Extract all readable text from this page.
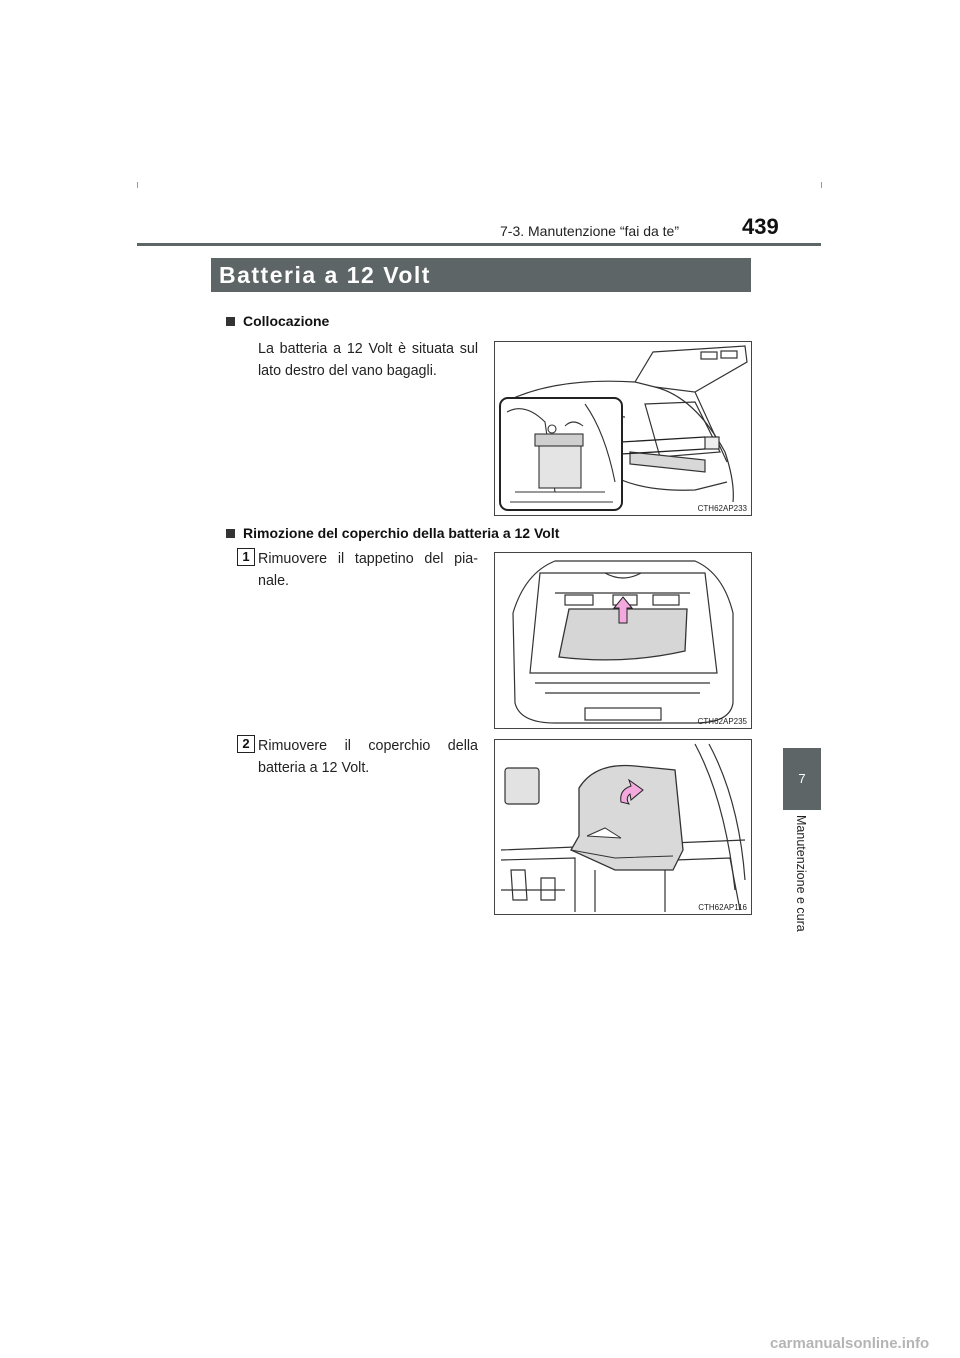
7-3. Manutenzione “fai da te”	439
7
Manutenzione e cura
Batteria a 12 Volt
Collocazione
La batteria a 12 Volt è situata sul lato destro del vano bagagli.
CTH62AP233
Rimozione del coperchio della batteria a 12 Volt
1 Rimuovere il tappetino del pia-nale.
CTH62AP235
2 Rimuovere il coperchio della batteria a 12 Volt.
CTH62AP116
carmanualsonline.info
